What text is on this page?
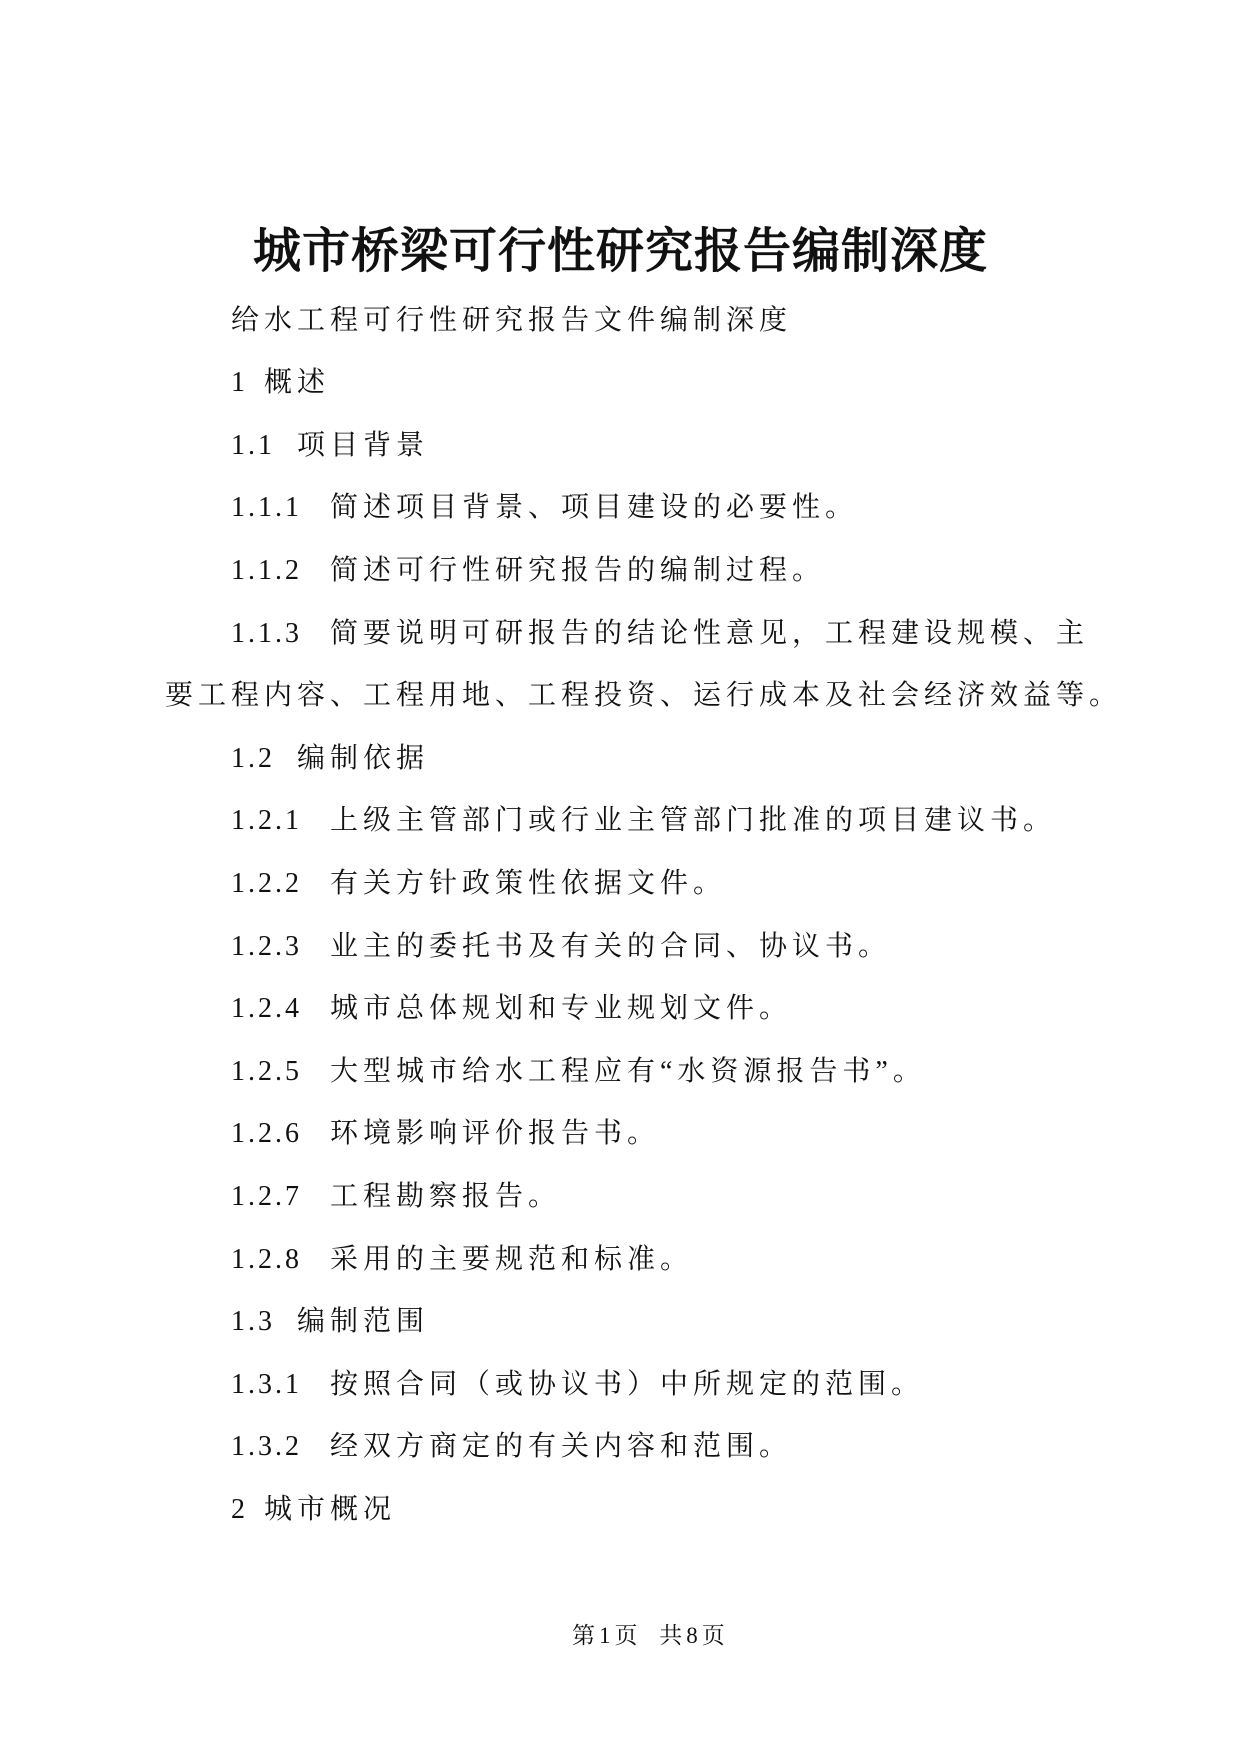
城市桥梁可行性研究报告编制深度

给水工程可行性研究报告文件编制深度

1 概述

1.1 项目背景

1.1.1 简述项目背景、项目建设的必要性。

1.1.2 简述可行性研究报告的编制过程。

1.1.3 简要说明可研报告的结论性意见，工程建设规模、主
要工程内容、工程用地、工程投资、运行成本及社会经济效益等。

1.2 编制依据

1.2.1 上级主管部门或行业主管部门批准的项目建议书。

1.2.2 有关方针政策性依据文件。

1.2.3 业主的委托书及有关的合同、协议书。

1.2.4 城市总体规划和专业规划文件。

1.2.5 大型城市给水工程应有“水资源报告书”。

1.2.6 环境影响评价报告书。

1.2.7 工程勘察报告。

1.2.8 采用的主要规范和标准。

1.3 编制范围

1.3.1 按照合同（或协议书）中所规定的范围。

1.3.2 经双方商定的有关内容和范围。

2 城市概况

第1页 共8页
